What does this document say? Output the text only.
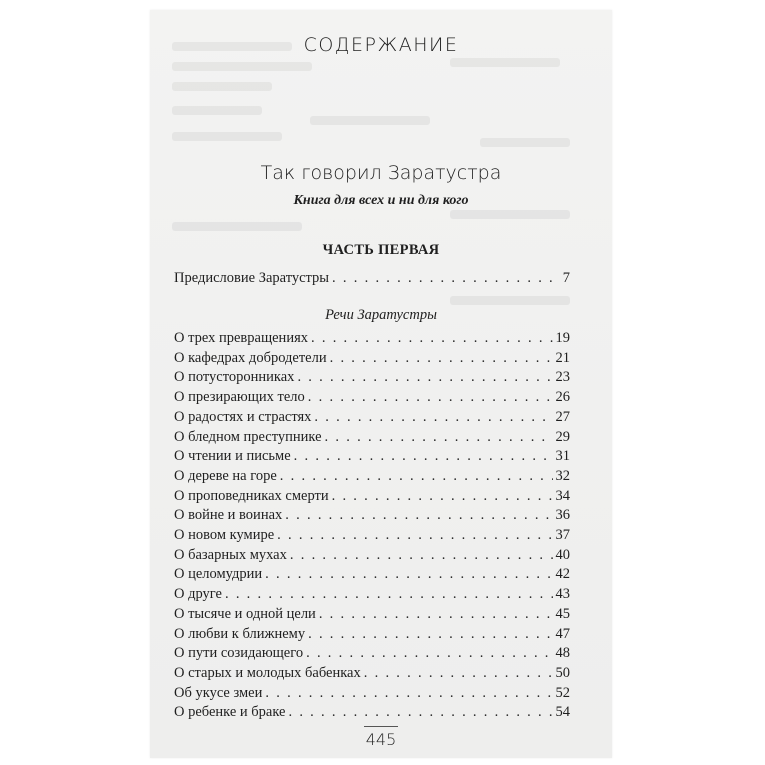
СОДЕРЖАНИЕ
Так говорил Заратустра
Книга для всех и ни для кого
ЧАСТЬ ПЕРВАЯ
Предисловие Заратустры . . .	7
Речи Заратустры
О трех превращениях . . .	19
О кафедрах добродетели . . .	21
О потусторонниках . . .	23
О презирающих тело . . .	26
О радостях и страстях . . .	27
О бледном преступнике . . .	29
О чтении и письме . . .	31
О дереве на горе . . .	32
О проповедниках смерти . . .	34
О войне и воинах . . .	36
О новом кумире . . .	37
О базарных мухах . . .	40
О целомудрии . . .	42
О друге . . .	43
О тысяче и одной цели . . .	45
О любви к ближнему . . .	47
О пути созидающего . . .	48
О старых и молодых бабенках . . .	50
Об укусе змеи . . .	52
О ребенке и браке . . .	54
445
